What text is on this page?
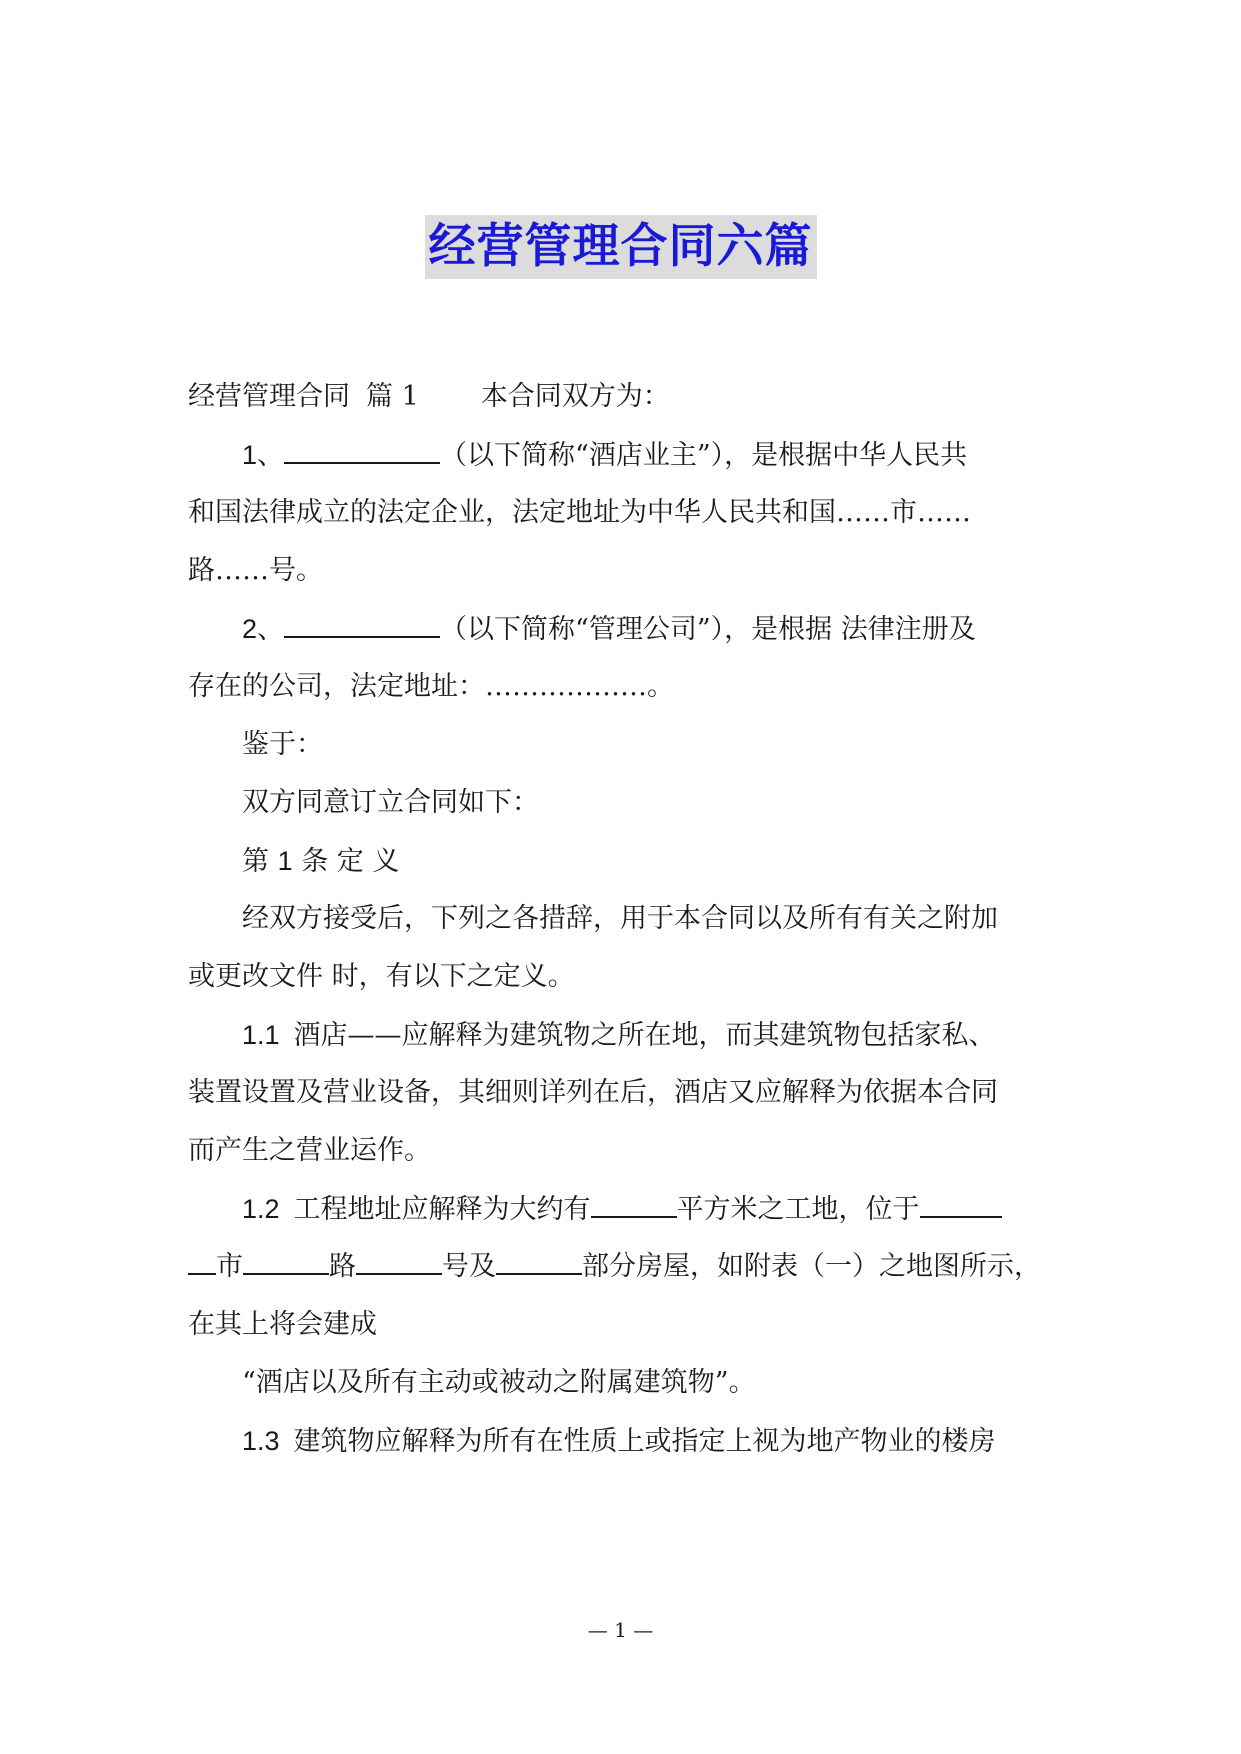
经营管理合同六篇
经营管理合同 篇 1 本合同双方为：
1、	（以下简称“酒店业主”），是根据中华人民共
和国法律成立的法定企业，法定地址为中华人民共和国……市……
路……号。
2、	（以下简称“管理公司”），是根据 法律注册及
存在的公司，法定地址：………………。
鉴于：
双方同意订立合同如下：
第 1 条 定 义
经双方接受后，下列之各措辞，用于本合同以及所有有关之附加
或更改文件 时，有以下之定义。
1.1 酒店——应解释为建筑物之所在地，而其建筑物包括家私、
装置设置及营业设备，其细则详列在后，酒店又应解释为依据本合同
而产生之营业运作。
1.2 工程地址应解释为大约有	平方米之工地，位于
市	路	号及	部分房屋，如附表（一）之地图所示，
在其上将会建成
“酒店以及所有主动或被动之附属建筑物”。
1.3 建筑物应解释为所有在性质上或指定上视为地产物业的楼房
— 1 —
